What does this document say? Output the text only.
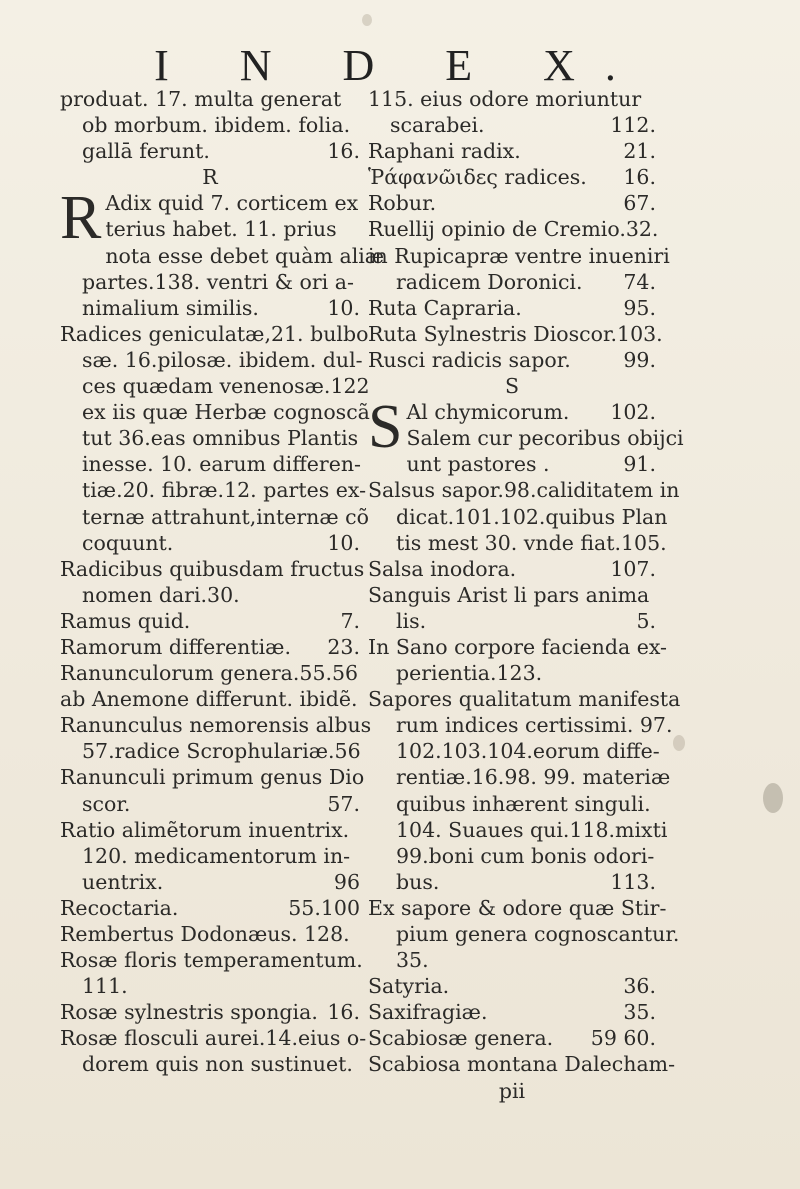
I N D E X.
produat. 17. multa generat
ob morbum. ibidem. folia.
gallā ferunt.	16.
R
R Adix quid 7. corticem ex
terius habet. 11. prius
nota esse debet quàm aliæ
partes.138. ventri & ori a-
nimalium similis.	10.
Radices geniculatæ,21. bulbo
sæ. 16.pilosæ. ibidem. dul-
ces quædam venenosæ.122
ex iis quæ Herbæ cognoscã
tut 36.eas omnibus Plantis
inesse. 10. earum differen-
tiæ.20. fibræ.12. partes ex-
ternæ attrahunt,internæ cõ
coquunt.	10.
Radicibus quibusdam fructus
nomen dari.30.
Ramus quid.	7.
Ramorum differentiæ. 23.
Ranunculorum genera.55.56
ab Anemone differunt. ibidẽ.
Ranunculus nemorensis albus
57.radice Scrophulariæ.56
Ranunculi primum genus Dio
scor.	57.
Ratio alimẽtorum inuentrix.
120. medicamentorum in-
uentrix.	96
Recoctaria.	55.100
Rembertus Dodonæus. 128.
Rosæ floris temperamentum.
111.
Rosæ sylnestris spongia. 16.
Rosæ flosculi aurei.14.eius o-
dorem quis non sustinuet.
115. eius odore moriuntur
scarabei.	112.
Raphani radix.	21.
Ῥάφανῶιδες radices. 16.
Robur.	67.
Ruellij opinio de Cremio.32.
in Rupicapræ ventre inueniri
radicem Doronici. 74.
Ruta Capraria.	95.
Ruta Sylnestris Dioscor.103.
Rusci radicis sapor.	99.
S
S Al chymicorum. 102.
Salem cur pecoribus obijci
unt pastores .	91.
Salsus sapor.98.caliditatem in
dicat.101.102.quibus Plan
tis mest 30. vnde fiat.105.
Salsa inodora.	107.
Sanguis Arist li pars anima
lis.	5.
In Sano corpore facienda ex-
perientia.123.
Sapores qualitatum manifesta
rum indices certissimi. 97.
102.103.104.eorum diffe-
rentiæ.16.98. 99. materiæ
quibus inhærent singuli.
104. Suaues qui.118.mixti
99.boni cum bonis odori-
bus.	113.
Ex sapore & odore quæ Stir-
pium genera cognoscantur.
35.
Satyria.	36.
Saxifragiæ.	35.
Scabiosæ genera. 59 60.
Scabiosa montana Dalecham-
pii
